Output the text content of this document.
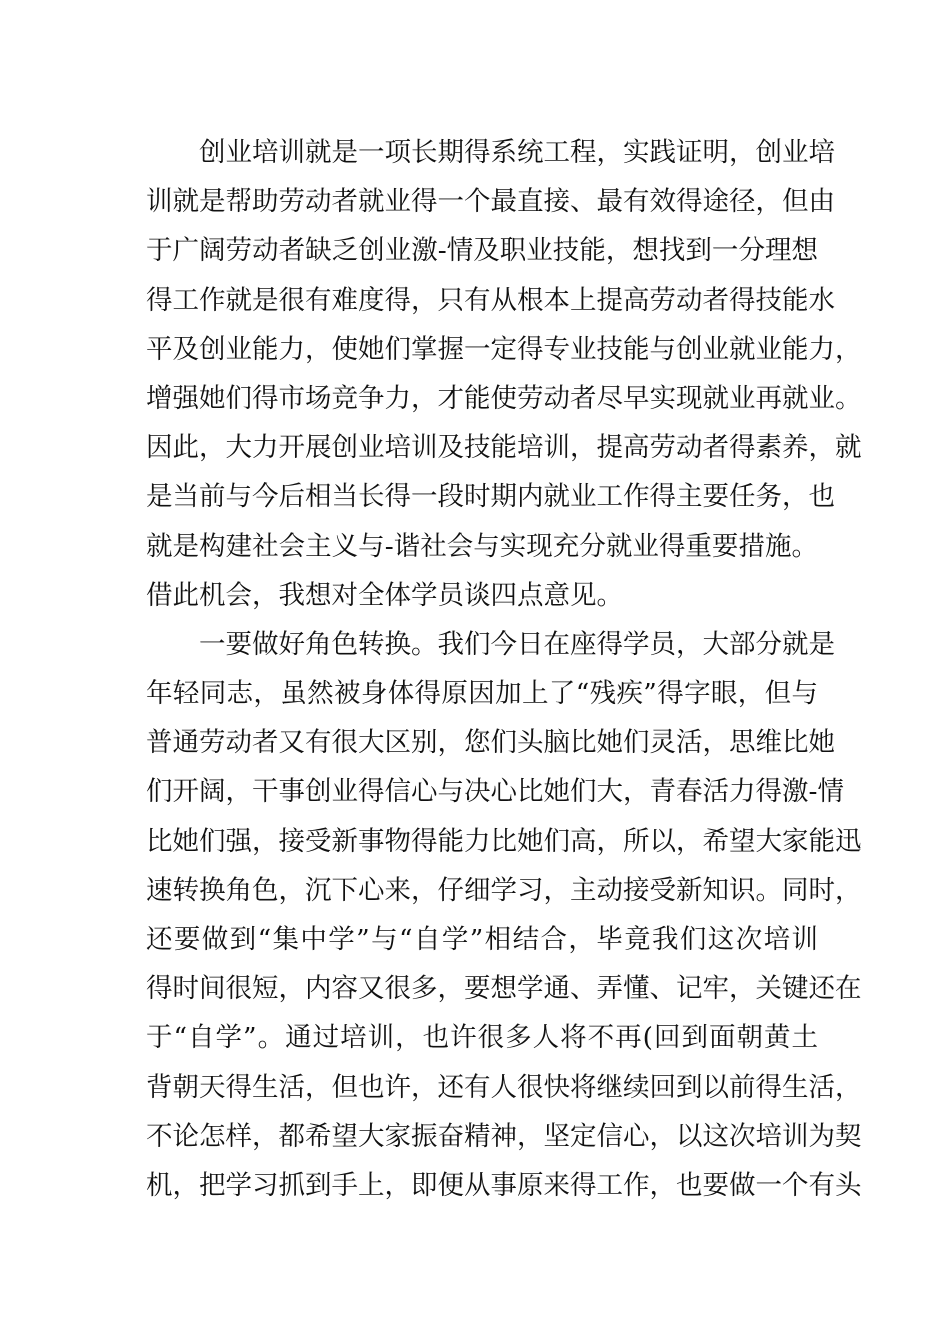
创业培训就是一项长期得系统工程，实践证明，创业培
训就是帮助劳动者就业得一个最直接、最有效得途径，但由
于广阔劳动者缺乏创业激-情及职业技能，想找到一分理想
得工作就是很有难度得，只有从根本上提高劳动者得技能水
平及创业能力，使她们掌握一定得专业技能与创业就业能力，
增强她们得市场竞争力，才能使劳动者尽早实现就业再就业。
因此，大力开展创业培训及技能培训，提高劳动者得素养，就
是当前与今后相当长得一段时期内就业工作得主要任务，也
就是构建社会主义与-谐社会与实现充分就业得重要措施。
借此机会，我想对全体学员谈四点意见。
一要做好角色转换。我们今日在座得学员，大部分就是
年轻同志，虽然被身体得原因加上了“残疾”得字眼，但与
普通劳动者又有很大区别，您们头脑比她们灵活，思维比她
们开阔，干事创业得信心与决心比她们大，青春活力得激-情
比她们强，接受新事物得能力比她们高，所以，希望大家能迅
速转换角色，沉下心来，仔细学习，主动接受新知识。同时，
还要做到“集中学”与“自学”相结合，毕竟我们这次培训
得时间很短，内容又很多，要想学通、弄懂、记牢，关键还在
于“自学”。通过培训，也许很多人将不再(回到面朝黄土
背朝天得生活，但也许，还有人很快将继续回到以前得生活，
不论怎样，都希望大家振奋精神，坚定信心，以这次培训为契
机，把学习抓到手上，即便从事原来得工作，也要做一个有头
